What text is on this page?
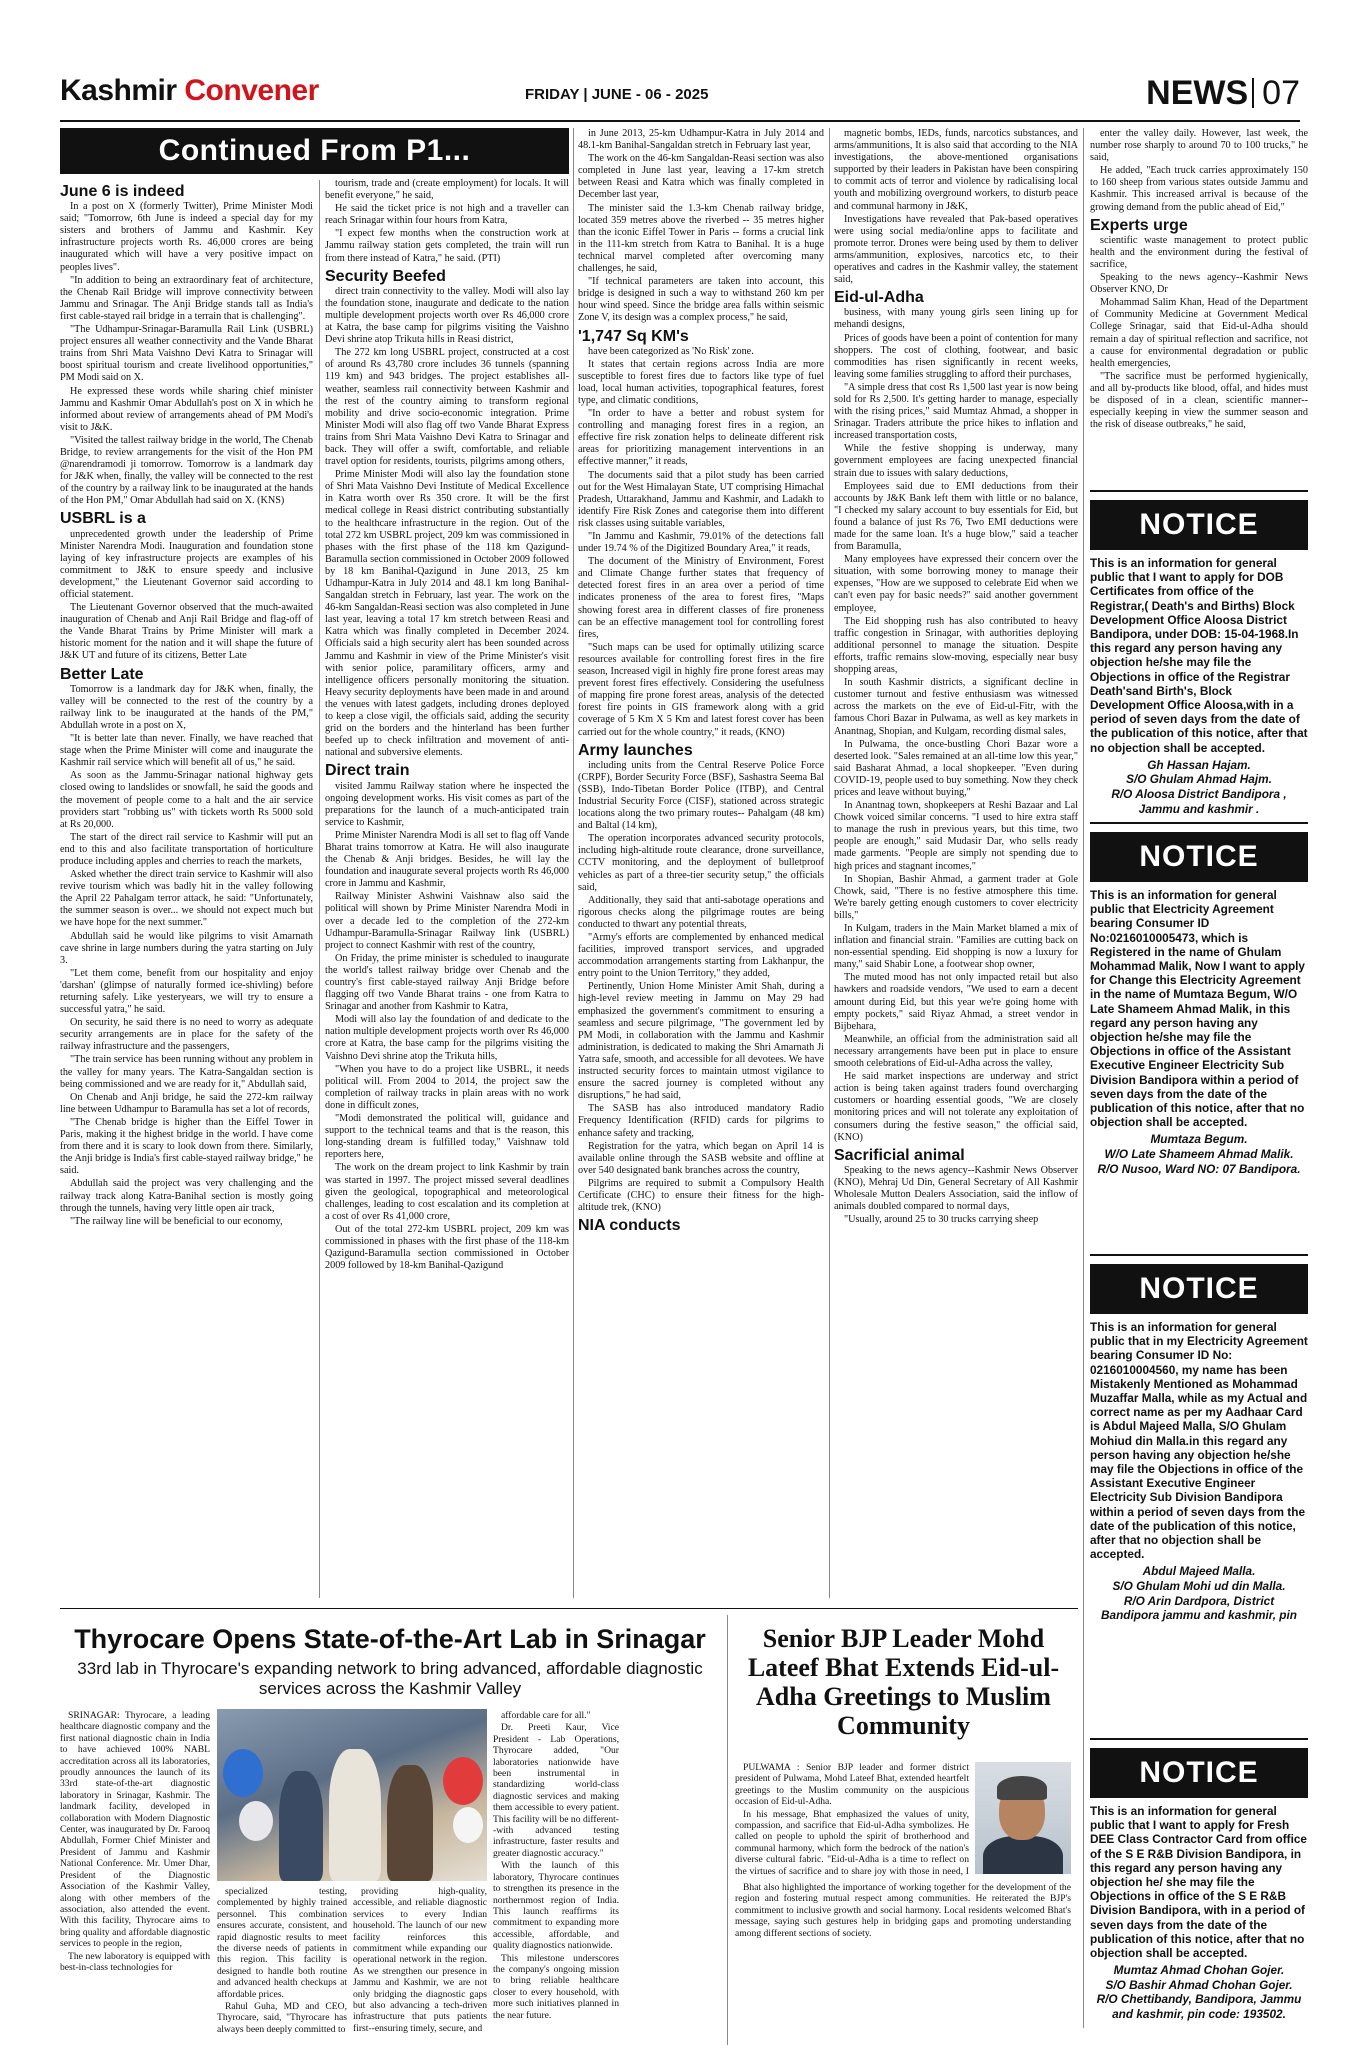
Kashmir Convener	FRIDAY | JUNE - 06 - 2025	NEWS 07
Continued From P1...
June 6 is indeed

In a post on X (formerly Twitter), Prime Minister Modi said; "Tomorrow, 6th June is indeed a special day for my sisters and brothers of Jammu and Kashmir. Key infrastructure projects worth Rs. 46,000 crores are being inaugurated which will have a very positive impact on peoples lives".

"In addition to being an extraordinary feat of architecture, the Chenab Rail Bridge will improve connectivity between Jammu and Srinagar. The Anji Bridge stands tall as India's first cable-stayed rail bridge in a terrain that is challenging".

"The Udhampur-Srinagar-Baramulla Rail Link (USBRL) project ensures all weather connectivity and the Vande Bharat trains from Shri Mata Vaishno Devi Katra to Srinagar will boost spiritual tourism and create livelihood opportunities," PM Modi said on X.

He expressed these words while sharing chief minister Jammu and Kashmir Omar Abdullah's post on X in which he informed about review of arrangements ahead of PM Modi's visit to J&K.

"Visited the tallest railway bridge in the world, The Chenab Bridge, to review arrangements for the visit of the Hon PM @narendramodi ji tomorrow. Tomorrow is a landmark day for J&K when, finally, the valley will be connected to the rest of the country by a railway link to be inaugurated at the hands of the Hon PM," Omar Abdullah had said on X. (KNS)

USBRL is a

unprecedented growth under the leadership of Prime Minister Narendra Modi. Inauguration and foundation stone laying of key infrastructure projects are examples of his commitment to J&K to ensure speedy and inclusive development," the Lieutenant Governor said according to official statement.

The Lieutenant Governor observed that the much-awaited inauguration of Chenab and Anji Rail Bridge and flag-off of the Vande Bharat Trains by Prime Minister will mark a historic moment for the nation and it will shape the future of J&K UT and future of its citizens, Better Late

Better Late

Tomorrow is a landmark day for J&K when, finally, the valley will be connected to the rest of the country by a railway link to be inaugurated at the hands of the PM," Abdullah wrote in a post on X,

"It is better late than never. Finally, we have reached that stage when the Prime Minister will come and inaugurate the Kashmir rail service which will benefit all of us," he said.

As soon as the Jammu-Srinagar national highway gets closed owing to landslides or snowfall, he said the goods and the movement of people come to a halt and the air service providers start "robbing us" with tickets worth Rs 5000 sold at Rs 20,000.

The start of the direct rail service to Kashmir will put an end to this and also facilitate transportation of horticulture produce including apples and cherries to reach the markets,

Asked whether the direct train service to Kashmir will also revive tourism which was badly hit in the valley following the April 22 Pahalgam terror attack, he said: "Unfortunately, the summer season is over... we should not expect much but we have hope for the next summer."

Abdullah said he would like pilgrims to visit Amarnath cave shrine in large numbers during the yatra starting on July 3.

"Let them come, benefit from our hospitality and enjoy 'darshan' (glimpse of naturally formed ice-shivling) before returning safely. Like yesteryears, we will try to ensure a successful yatra," he said.

On security, he said there is no need to worry as adequate security arrangements are in place for the safety of the railway infrastructure and the passengers,

"The train service has been running without any problem in the valley for many years. The Katra-Sangaldan section is being commissioned and we are ready for it," Abdullah said,

On Chenab and Anji bridge, he said the 272-km railway line between Udhampur to Baramulla has set a lot of records,

"The Chenab bridge is higher than the Eiffel Tower in Paris, making it the highest bridge in the world. I have come from there and it is scary to look down from there. Similarly, the Anji bridge is India's first cable-stayed railway bridge," he said.

Abdullah said the project was very challenging and the railway track along Katra-Banihal section is mostly going through the tunnels, having very little open air track,

"The railway line will be beneficial to our economy,

tourism, trade and (create employment) for locals. It will benefit everyone," he said,

He said the ticket price is not high and a traveller can reach Srinagar within four hours from Katra,

"I expect few months when the construction work at Jammu railway station gets completed, the train will run from there instead of Katra," he said. (PTI)

Security Beefed

direct train connectivity to the valley. Modi will also lay the foundation stone, inaugurate and dedicate to the nation multiple development projects worth over Rs 46,000 crore at Katra, the base camp for pilgrims visiting the Vaishno Devi shrine atop Trikuta hills in Reasi district,

The 272 km long USBRL project, constructed at a cost of around Rs 43,780 crore includes 36 tunnels (spanning 119 km) and 943 bridges. The project establishes all-weather, seamless rail connectivity between Kashmir and the rest of the country aiming to transform regional mobility and drive socio-economic integration. Prime Minister Modi will also flag off two Vande Bharat Express trains from Shri Mata Vaishno Devi Katra to Srinagar and back. They will offer a swift, comfortable, and reliable travel option for residents, tourists, pilgrims among others,

Prime Minister Modi will also lay the foundation stone of Shri Mata Vaishno Devi Institute of Medical Excellence in Katra worth over Rs 350 crore. It will be the first medical college in Reasi district contributing substantially to the healthcare infrastructure in the region. Out of the total 272 km USBRL project, 209 km was commissioned in phases with the first phase of the 118 km Qazigund-Baramulla section commissioned in October 2009 followed by 18 km Banihal-Qazigund in June 2013, 25 km Udhampur-Katra in July 2014 and 48.1 km long Banihal-Sangaldan stretch in February, last year. The work on the 46-km Sangaldan-Reasi section was also completed in June last year, leaving a total 17 km stretch between Reasi and Katra which was finally completed in December 2024. Officials said a high security alert has been sounded across Jammu and Kashmir in view of the Prime Minister's visit with senior police, paramilitary officers, army and intelligence officers personally monitoring the situation. Heavy security deployments have been made in and around the venues with latest gadgets, including drones deployed to keep a close vigil, the officials said, adding the security grid on the borders and the hinterland has been further beefed up to check infiltration and movement of anti-national and subversive elements.

Direct train

visited Jammu Railway station where he inspected the ongoing development works. His visit comes as part of the preparations for the launch of a much-anticipated train service to Kashmir,

Prime Minister Narendra Modi is all set to flag off Vande Bharat trains tomorrow at Katra. He will also inaugurate the Chenab & Anji bridges. Besides, he will lay the foundation and inaugurate several projects worth Rs 46,000 crore in Jammu and Kashmir,

Railway Minister Ashwini Vaishnaw also said the political will shown by Prime Minister Narendra Modi in over a decade led to the completion of the 272-km Udhampur-Baramulla-Srinagar Railway link (USBRL) project to connect Kashmir with rest of the country,

On Friday, the prime minister is scheduled to inaugurate the world's tallest railway bridge over Chenab and the country's first cable-stayed railway Anji Bridge before flagging off two Vande Bharat trains - one from Katra to Srinagar and another from Kashmir to Katra,

Modi will also lay the foundation of and dedicate to the nation multiple development projects worth over Rs 46,000 crore at Katra, the base camp for the pilgrims visiting the Vaishno Devi shrine atop the Trikuta hills,

"When you have to do a project like USBRL, it needs political will. From 2004 to 2014, the project saw the completion of railway tracks in plain areas with no work done in difficult zones,

"Modi demonstrated the political will, guidance and support to the technical teams and that is the reason, this long-standing dream is fulfilled today," Vaishnaw told reporters here,

The work on the dream project to link Kashmir by train was started in 1997. The project missed several deadlines given the geological, topographical and meteorological challenges, leading to cost escalation and its completion at a cost of over Rs 41,000 crore,

Out of the total 272-km USBRL project, 209 km was commissioned in phases with the first phase of the 118-km Qazigund-Baramulla section commissioned in October 2009 followed by 18-km Banihal-Qazigund

in June 2013, 25-km Udhampur-Katra in July 2014 and 48.1-km Banihal-Sangaldan stretch in February last year,

The work on the 46-km Sangaldan-Reasi section was also completed in June last year, leaving a 17-km stretch between Reasi and Katra which was finally completed in December last year,

The minister said the 1.3-km Chenab railway bridge, located 359 metres above the riverbed -- 35 metres higher than the iconic Eiffel Tower in Paris -- forms a crucial link in the 111-km stretch from Katra to Banihal. It is a huge technical marvel completed after overcoming many challenges, he said,

"If technical parameters are taken into account, this bridge is designed in such a way to withstand 260 km per hour wind speed. Since the bridge area falls within seismic Zone V, its design was a complex process," he said,

'1,747 Sq KM's

have been categorized as 'No Risk' zone.

It states that certain regions across India are more susceptible to forest fires due to factors like type of fuel load, local human activities, topographical features, forest type, and climatic conditions,

"In order to have a better and robust system for controlling and managing forest fires in a region, an effective fire risk zonation helps to delineate different risk areas for prioritizing management interventions in an effective manner," it reads,

The documents said that a pilot study has been carried out for the West Himalayan State, UT comprising Himachal Pradesh, Uttarakhand, Jammu and Kashmir, and Ladakh to identify Fire Risk Zones and categorise them into different risk classes using suitable variables,

"In Jammu and Kashmir, 79.01% of the detections fall under 19.74 % of the Digitized Boundary Area," it reads,

The document of the Ministry of Environment, Forest and Climate Change further states that frequency of detected forest fires in an area over a period of time indicates proneness of the area to forest fires, "Maps showing forest area in different classes of fire proneness can be an effective management tool for controlling forest fires,

"Such maps can be used for optimally utilizing scarce resources available for controlling forest fires in the fire season, Increased vigil in highly fire prone forest areas may prevent forest fires effectively. Considering the usefulness of mapping fire prone forest areas, analysis of the detected forest fire points in GIS framework along with a grid coverage of 5 Km X 5 Km and latest forest cover has been carried out for the whole country," it reads, (KNO)

Army launches

including units from the Central Reserve Police Force (CRPF), Border Security Force (BSF), Sashastra Seema Bal (SSB), Indo-Tibetan Border Police (ITBP), and Central Industrial Security Force (CISF), stationed across strategic locations along the two primary routes-- Pahalgam (48 km) and Baltal (14 km),

The operation incorporates advanced security protocols, including high-altitude route clearance, drone surveillance, CCTV monitoring, and the deployment of bulletproof vehicles as part of a three-tier security setup," the officials said,

Additionally, they said that anti-sabotage operations and rigorous checks along the pilgrimage routes are being conducted to thwart any potential threats,

"Army's efforts are complemented by enhanced medical facilities, improved transport services, and upgraded accommodation arrangements starting from Lakhanpur, the entry point to the Union Territory," they added,

Pertinently, Union Home Minister Amit Shah, during a high-level review meeting in Jammu on May 29 had emphasized the government's commitment to ensuring a seamless and secure pilgrimage, "The government led by PM Modi, in collaboration with the Jammu and Kashmir administration, is dedicated to making the Shri Amarnath Ji Yatra safe, smooth, and accessible for all devotees. We have instructed security forces to maintain utmost vigilance to ensure the sacred journey is completed without any disruptions," he had said,

The SASB has also introduced mandatory Radio Frequency Identification (RFID) cards for pilgrims to enhance safety and tracking,

Registration for the yatra, which began on April 14 is available online through the SASB website and offline at over 540 designated bank branches across the country,

Pilgrims are required to submit a Compulsory Health Certificate (CHC) to ensure their fitness for the high-altitude trek, (KNO)

NIA conducts

magnetic bombs, IEDs, funds, narcotics substances, and arms/ammunitions, It is also said that according to the NIA investigations, the above-mentioned organisations supported by their leaders in Pakistan have been conspiring to commit acts of terror and violence by radicalising local youth and mobilizing overground workers, to disturb peace and communal harmony in J&K,

Investigations have revealed that Pak-based operatives were using social media/online apps to facilitate and promote terror. Drones were being used by them to deliver arms/ammunition, explosives, narcotics etc, to their operatives and cadres in the Kashmir valley, the statement said,

Eid-ul-Adha

business, with many young girls seen lining up for mehandi designs,

Prices of goods have been a point of contention for many shoppers. The cost of clothing, footwear, and basic commodities has risen significantly in recent weeks, leaving some families struggling to afford their purchases,

"A simple dress that cost Rs 1,500 last year is now being sold for Rs 2,500. It's getting harder to manage, especially with the rising prices," said Mumtaz Ahmad, a shopper in Srinagar. Traders attribute the price hikes to inflation and increased transportation costs,

While the festive shopping is underway, many government employees are facing unexpected financial strain due to issues with salary deductions,

Employees said due to EMI deductions from their accounts by J&K Bank left them with little or no balance, "I checked my salary account to buy essentials for Eid, but found a balance of just Rs 76, Two EMI deductions were made for the same loan. It's a huge blow," said a teacher from Baramulla,

Many employees have expressed their concern over the situation, with some borrowing money to manage their expenses, "How are we supposed to celebrate Eid when we can't even pay for basic needs?" said another government employee,

The Eid shopping rush has also contributed to heavy traffic congestion in Srinagar, with authorities deploying additional personnel to manage the situation. Despite efforts, traffic remains slow-moving, especially near busy shopping areas,

In south Kashmir districts, a significant decline in customer turnout and festive enthusiasm was witnessed across the markets on the eve of Eid-ul-Fitr, with the famous Chori Bazar in Pulwama, as well as key markets in Anantnag, Shopian, and Kulgam, recording dismal sales,

In Pulwama, the once-bustling Chori Bazar wore a deserted look. "Sales remained at an all-time low this year," said Basharat Ahmad, a local shopkeeper. "Even during COVID-19, people used to buy something. Now they check prices and leave without buying,"

In Anantnag town, shopkeepers at Reshi Bazaar and Lal Chowk voiced similar concerns. "I used to hire extra staff to manage the rush in previous years, but this time, two people are enough," said Mudasir Dar, who sells ready made garments. "People are simply not spending due to high prices and stagnant incomes,"

In Shopian, Bashir Ahmad, a garment trader at Gole Chowk, said, "There is no festive atmosphere this time. We're barely getting enough customers to cover electricity bills,"

In Kulgam, traders in the Main Market blamed a mix of inflation and financial strain. "Families are cutting back on non-essential spending. Eid shopping is now a luxury for many," said Shabir Lone, a footwear shop owner,

The muted mood has not only impacted retail but also hawkers and roadside vendors, "We used to earn a decent amount during Eid, but this year we're going home with empty pockets," said Riyaz Ahmad, a street vendor in Bijbehara,

Meanwhile, an official from the administration said all necessary arrangements have been put in place to ensure smooth celebrations of Eid-ul-Adha across the valley,

He said market inspections are underway and strict action is being taken against traders found overcharging customers or hoarding essential goods, "We are closely monitoring prices and will not tolerate any exploitation of consumers during the festive season," the official said, (KNO)

Sacrificial animal

Speaking to the news agency--Kashmir News Observer (KNO), Mehraj Ud Din, General Secretary of All Kashmir Wholesale Mutton Dealers Association, said the inflow of animals doubled compared to normal days,

"Usually, around 25 to 30 trucks carrying sheep

enter the valley daily. However, last week, the number rose sharply to around 70 to 100 trucks," he said,

He added, "Each truck carries approximately 150 to 160 sheep from various states outside Jammu and Kashmir. This increased arrival is because of the growing demand from the public ahead of Eid,"

Experts urge

scientific waste management to protect public health and the environment during the festival of sacrifice,

Speaking to the news agency--Kashmir News Observer KNO, Dr

Mohammad Salim Khan, Head of the Department of Community Medicine at Government Medical College Srinagar, said that Eid-ul-Adha should remain a day of spiritual reflection and sacrifice, not a cause for environmental degradation or public health emergencies,

"The sacrifice must be performed hygienically, and all by-products like blood, offal, and hides must be disposed of in a clean, scientific manner--especially keeping in view the summer season and the risk of disease outbreaks," he said,

NOTICE
This is an information for general public that I want to apply for DOB Certificates from office of the Registrar,( Death's and Births) Block Development Office Aloosa District Bandipora, under DOB: 15-04-1968.In this regard any person having any objection he/she may file the Objections in office of the Registrar Death'sand Birth's, Block Development Office Aloosa,with in a period of seven days from the date of the publication of this notice, after that no objection shall be accepted.
Gh Hassan Hajam.
S/O Ghulam Ahmad Hajm.
R/O Aloosa District Bandipora ,
Jammu and kashmir .
NOTICE
This is an information for general public that Electricity Agreement bearing Consumer ID No:0216010005473, which is Registered in the name of Ghulam Mohammad Malik, Now I want to apply for Change this Electricity Agreement in the name of Mumtaza Begum, W/O Late Shameem Ahmad Malik, in this regard any person having any objection he/she may file the Objections in office of the Assistant Executive Engineer Electricity Sub Division Bandipora within a period of seven days from the date of the publication of this notice, after that no objection shall be accepted.
Mumtaza Begum.
W/O Late Shameem Ahmad Malik.
R/O Nusoo, Ward NO: 07 Bandipora.
NOTICE
This is an information for general public that in my Electricity Agreement bearing Consumer ID No: 0216010004560, my name has been Mistakenly Mentioned as Mohammad Muzaffar Malla, while as my Actual and correct name as per my Aadhaar Card is Abdul Majeed Malla, S/O Ghulam Mohiud din Malla.in this regard any person having any objection he/she may file the Objections in office of the Assistant Executive Engineer Electricity Sub Division Bandipora within a period of seven days from the date of the publication of this notice, after that no objection shall be accepted.
Abdul Majeed Malla.
S/O Ghulam Mohi ud din Malla.
R/O Arin Dardpora, District
Bandipora jammu and kashmir, pin
NOTICE
This is an information for general public that I want to apply for Fresh DEE Class Contractor Card from office of the S E R&B Division Bandipora, in this regard any person having any objection he/ she may file the Objections in office of the S E R&B Division Bandipora, with in a period of seven days from the date of the publication of this notice, after that no objection shall be accepted.
Mumtaz Ahmad Chohan Gojer.
S/O Bashir Ahmad Chohan Gojer.
R/O Chettibandy, Bandipora, Jammu
and kashmir, pin code: 193502.
Thyrocare Opens State-of-the-Art Lab in Srinagar
33rd lab in Thyrocare's expanding network to bring advanced, affordable diagnostic services across the Kashmir Valley

SRINAGAR: Thyrocare, a leading healthcare diagnostic company and the first national diagnostic chain in India to have achieved 100% NABL accreditation across all its laboratories, proudly announces the launch of its 33rd state-of-the-art diagnostic laboratory in Srinagar, Kashmir. The landmark facility, developed in collaboration with Modern Diagnostic Center, was inaugurated by Dr. Farooq Abdullah, Former Chief Minister and President of Jammu and Kashmir National Conference. Mr. Umer Dhar, President of the Diagnostic Association of the Kashmir Valley, along with other members of the association, also attended the event. With this facility, Thyrocare aims to bring quality and affordable diagnostic services to people in the region,

The new laboratory is equipped with best-in-class technologies for

specialized testing, complemented by highly trained personnel. This combination ensures accurate, consistent, and rapid diagnostic results to meet the diverse needs of patients in this region. This facility is designed to handle both routine and advanced health checkups at affordable prices.

Rahul Guha, MD and CEO, Thyrocare, said, "Thyrocare has always been deeply committed to

providing high-quality, accessible, and reliable diagnostic services to every Indian household. The launch of our new facility reinforces this commitment while expanding our operational network in the region. As we strengthen our presence in Jammu and Kashmir, we are not only bridging the diagnostic gaps but also advancing a tech-driven infrastructure that puts patients first--ensuring timely, secure, and

affordable care for all."

Dr. Preeti Kaur, Vice President - Lab Operations, Thyrocare added, "Our laboratories nationwide have been instrumental in standardizing world-class diagnostic services and making them accessible to every patient. This facility will be no different--with advanced testing infrastructure, faster results and greater diagnostic accuracy."

With the launch of this laboratory, Thyrocare continues to strengthen its presence in the northernmost region of India. This launch reaffirms its commitment to expanding more accessible, affordable, and quality diagnostics nationwide.

This milestone underscores the company's ongoing mission to bring reliable healthcare closer to every household, with more such initiatives planned in the near future.

Senior BJP Leader Mohd Lateef Bhat Extends Eid-ul-Adha Greetings to Muslim Community

PULWAMA : Senior BJP leader and former district president of Pulwama, Mohd Lateef Bhat, extended heartfelt greetings to the Muslim community on the auspicious occasion of Eid-ul-Adha.

In his message, Bhat emphasized the values of unity, compassion, and sacrifice that Eid-ul-Adha symbolizes. He called on people to uphold the spirit of brotherhood and communal harmony, which form the bedrock of the nation's diverse cultural fabric. "Eid-ul-Adha is a time to reflect on the virtues of sacrifice and to share joy with those in need, I

Bhat also highlighted the importance of working together for the development of the region and fostering mutual respect among communities. He reiterated the BJP's commitment to inclusive growth and social harmony. Local residents welcomed Bhat's message, saying such gestures help in bridging gaps and promoting understanding among different sections of society.
